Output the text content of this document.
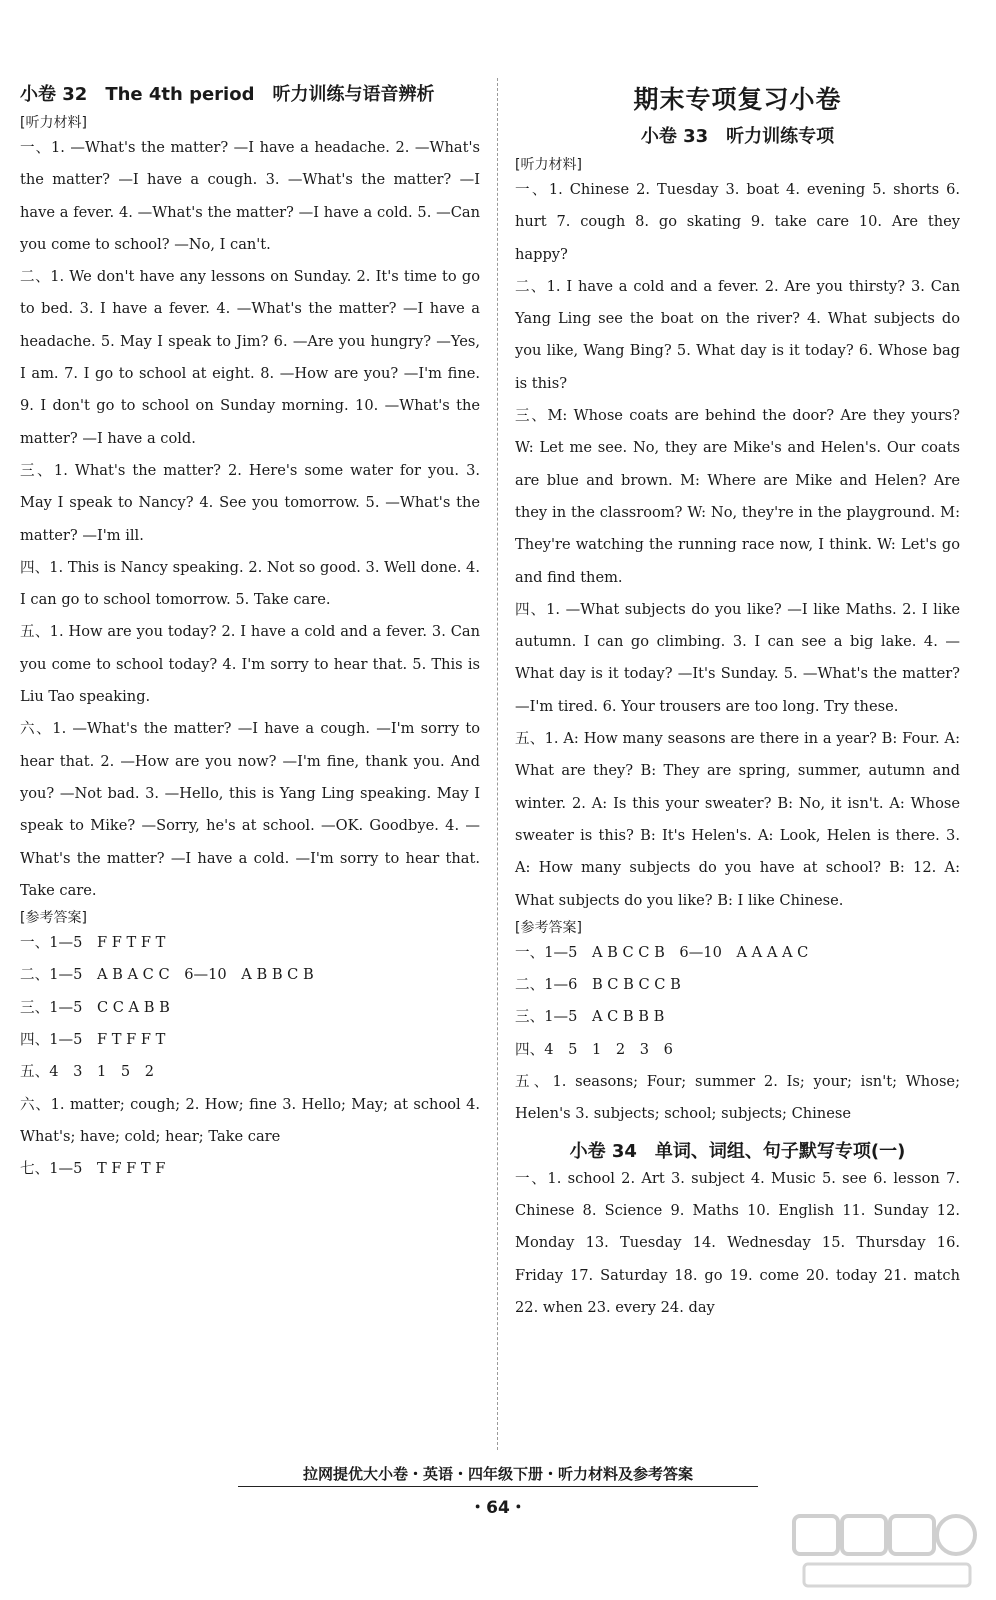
小卷 32　The 4th period　听力训练与语音辨析

[听力材料]

一、1. —What's the matter? —I have a headache. 2. —What's the matter? —I have a cough. 3. —What's the matter? —I have a fever. 4. —What's the matter? —I have a cold. 5. —Can you come to school? —No, I can't.

二、1. We don't have any lessons on Sunday. 2. It's time to go to bed. 3. I have a fever. 4. —What's the matter? —I have a headache. 5. May I speak to Jim? 6. —Are you hungry? —Yes, I am. 7. I go to school at eight. 8. —How are you? —I'm fine. 9. I don't go to school on Sunday morning. 10. —What's the matter? —I have a cold.

三、1. What's the matter? 2. Here's some water for you. 3. May I speak to Nancy? 4. See you tomorrow. 5. —What's the matter? —I'm ill.

四、1. This is Nancy speaking. 2. Not so good. 3. Well done. 4. I can go to school tomorrow. 5. Take care.

五、1. How are you today? 2. I have a cold and a fever. 3. Can you come to school today? 4. I'm sorry to hear that. 5. This is Liu Tao speaking.

六、1. —What's the matter? —I have a cough. —I'm sorry to hear that. 2. —How are you now? —I'm fine, thank you. And you? —Not bad. 3. —Hello, this is Yang Ling speaking. May I speak to Mike? —Sorry, he's at school. —OK. Goodbye. 4. —What's the matter? —I have a cold. —I'm sorry to hear that. Take care.

[参考答案]

一、1—5　F F T F T

二、1—5　A B A C C　6—10　A B B C B

三、1—5　C C A B B

四、1—5　F T F F T

五、4　3　1　5　2

六、1. matter; cough; 2. How; fine 3. Hello; May; at school 4. What's; have; cold; hear; Take care

七、1—5　T F F T F

期末专项复习小卷
小卷 33　听力训练专项

[听力材料]

一、1. Chinese 2. Tuesday 3. boat 4. evening 5. shorts 6. hurt 7. cough 8. go skating 9. take care 10. Are they happy?

二、1. I have a cold and a fever. 2. Are you thirsty? 3. Can Yang Ling see the boat on the river? 4. What subjects do you like, Wang Bing? 5. What day is it today? 6. Whose bag is this?

三、M: Whose coats are behind the door? Are they yours? W: Let me see. No, they are Mike's and Helen's. Our coats are blue and brown. M: Where are Mike and Helen? Are they in the classroom? W: No, they're in the playground. M: They're watching the running race now, I think. W: Let's go and find them.

四、1. —What subjects do you like? —I like Maths. 2. I like autumn. I can go climbing. 3. I can see a big lake. 4. —What day is it today? —It's Sunday. 5. —What's the matter? —I'm tired. 6. Your trousers are too long. Try these.

五、1. A: How many seasons are there in a year? B: Four. A: What are they? B: They are spring, summer, autumn and winter. 2. A: Is this your sweater? B: No, it isn't. A: Whose sweater is this? B: It's Helen's. A: Look, Helen is there. 3. A: How many subjects do you have at school? B: 12. A: What subjects do you like? B: I like Chinese.

[参考答案]

一、1—5　A B C C B　6—10　A A A A C

二、1—6　B C B C C B

三、1—5　A C B B B

四、4　5　1　2　3　6

五、1. seasons; Four; summer 2. Is; your; isn't; Whose; Helen's 3. subjects; school; subjects; Chinese

小卷 34　单词、词组、句子默写专项(一)

一、1. school 2. Art 3. subject 4. Music 5. see 6. lesson 7. Chinese 8. Science 9. Maths 10. English 11. Sunday 12. Monday 13. Tuesday 14. Wednesday 15. Thursday 16. Friday 17. Saturday 18. go 19. come 20. today 21. match 22. when 23. every 24. day

拉网提优大小卷・英语・四年级下册・听力材料及参考答案
・64・
